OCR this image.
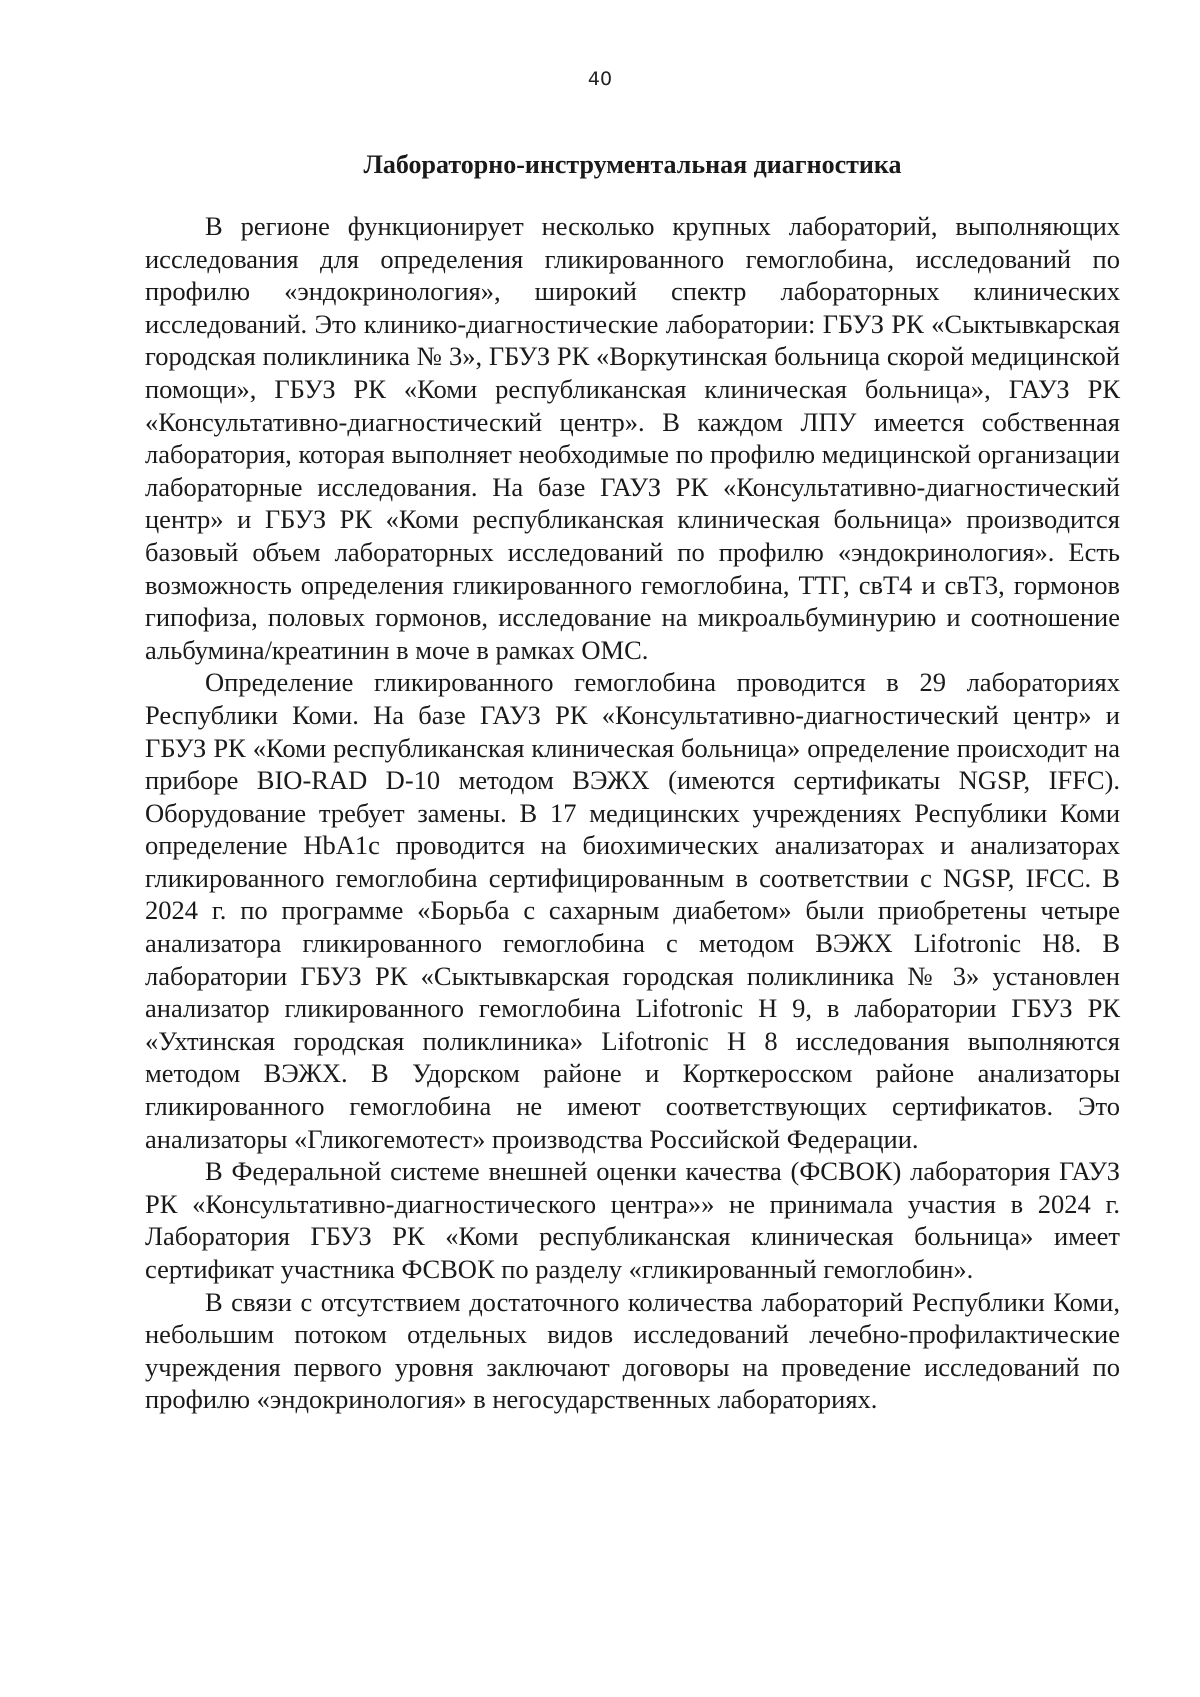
40
Лабораторно-инструментальная диагностика

В регионе функционирует несколько крупных лабораторий, выполняющих исследования для определения гликированного гемоглобина, исследований по профилю «эндокринология», широкий спектр лабораторных клинических исследований. Это клинико-диагностические лаборатории: ГБУЗ РК «Сыктывкарская городская поликлиника № 3», ГБУЗ РК «Воркутинская больница скорой медицинской помощи», ГБУЗ РК «Коми республиканская клиническая больница», ГАУЗ РК «Консультативно-диагностический центр». В каждом ЛПУ имеется собственная лаборатория, которая выполняет необходимые по профилю медицинской организации лабораторные исследования. На базе ГАУЗ РК «Консультативно-диагностический центр» и ГБУЗ РК «Коми республиканская клиническая больница» производится базовый объем лабораторных исследований по профилю «эндокринология». Есть возможность определения гликированного гемоглобина, ТТГ, свТ4 и свТ3, гормонов гипофиза, половых гормонов, исследование на микроальбуминурию и соотношение альбумина/креатинин в моче в рамках ОМС.

Определение гликированного гемоглобина проводится в 29 лабораториях Республики Коми. На базе ГАУЗ РК «Консультативно-диагностический центр» и ГБУЗ РК «Коми республиканская клиническая больница» определение происходит на приборе BIO-RAD D-10 методом ВЭЖХ (имеются сертификаты NGSP, IFFC). Оборудование требует замены. В 17 медицинских учреждениях Республики Коми определение HbA1c проводится на биохимических анализаторах и анализаторах гликированного гемоглобина сертифицированным в соответствии с NGSP, IFCC. В 2024 г. по программе «Борьба с сахарным диабетом» были приобретены четыре анализатора гликированного гемоглобина с методом ВЭЖХ Lifotronic H8. В лаборатории ГБУЗ РК «Сыктывкарская городская поликлиника № 3» установлен анализатор гликированного гемоглобина Lifotronic H 9, в лаборатории ГБУЗ РК «Ухтинская городская поликлиника» Lifotronic H 8 исследования выполняются методом ВЭЖХ. В Удорском районе и Корткеросском районе анализаторы гликированного гемоглобина не имеют соответствующих сертификатов. Это анализаторы «Гликогемотест» производства Российской Федерации.

В Федеральной системе внешней оценки качества (ФСВОК) лаборатория ГАУЗ РК «Консультативно-диагностического центра»» не принимала участия в 2024 г. Лаборатория ГБУЗ РК «Коми республиканская клиническая больница» имеет сертификат участника ФСВОК по разделу «гликированный гемоглобин».

В связи с отсутствием достаточного количества лабораторий Республики Коми, небольшим потоком отдельных видов исследований лечебно-профилактические учреждения первого уровня заключают договоры на проведение исследований по профилю «эндокринология» в негосударственных лабораториях.
